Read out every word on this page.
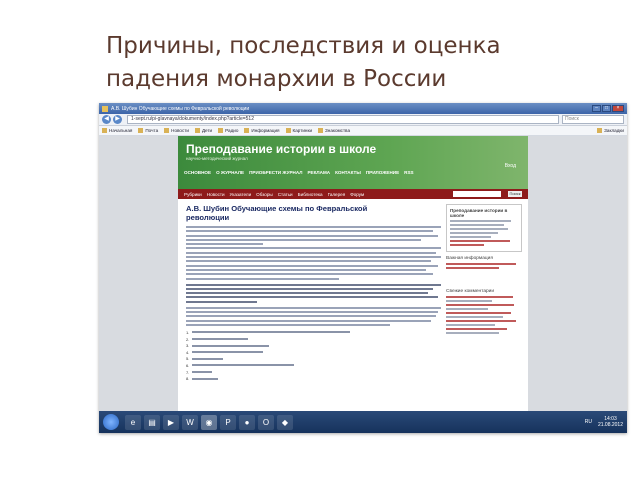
Причины, последствия и оценка
падения монархии в России
А.В. Шубин Обучающие схемы по Февральской революции	–	□	×
◀	▶	1-sept.ru/pi-glavnaya/dokumenty/index.php?article=512	Поиск
Начальная	Почта	Новости	Дети	Радио	Информация	Картинки	Знакомства	Закладки
Преподавание истории в школе
научно-методический журнал
ОСНОВНОЕ О ЖУРНАЛЕ ПРИОБРЕСТИ ЖУРНАЛ РЕКЛАМА КОНТАКТЫ ПРИЛОЖЕНИЕ RSS
Вход
Рубрики Новости Указатели Обзоры Статьи Библиотека Галерея Форум	Поиск
А.В. Шубин Обучающие схемы по Февральской
революции
1.
2.
3.
4.
5.
6.
7.
8.
Преподавание истории в школе
Важная информация
Свежие комментарии
e	▤	▶	W	◉	P	●	O	◆	RU	14:03
21.08.2012
